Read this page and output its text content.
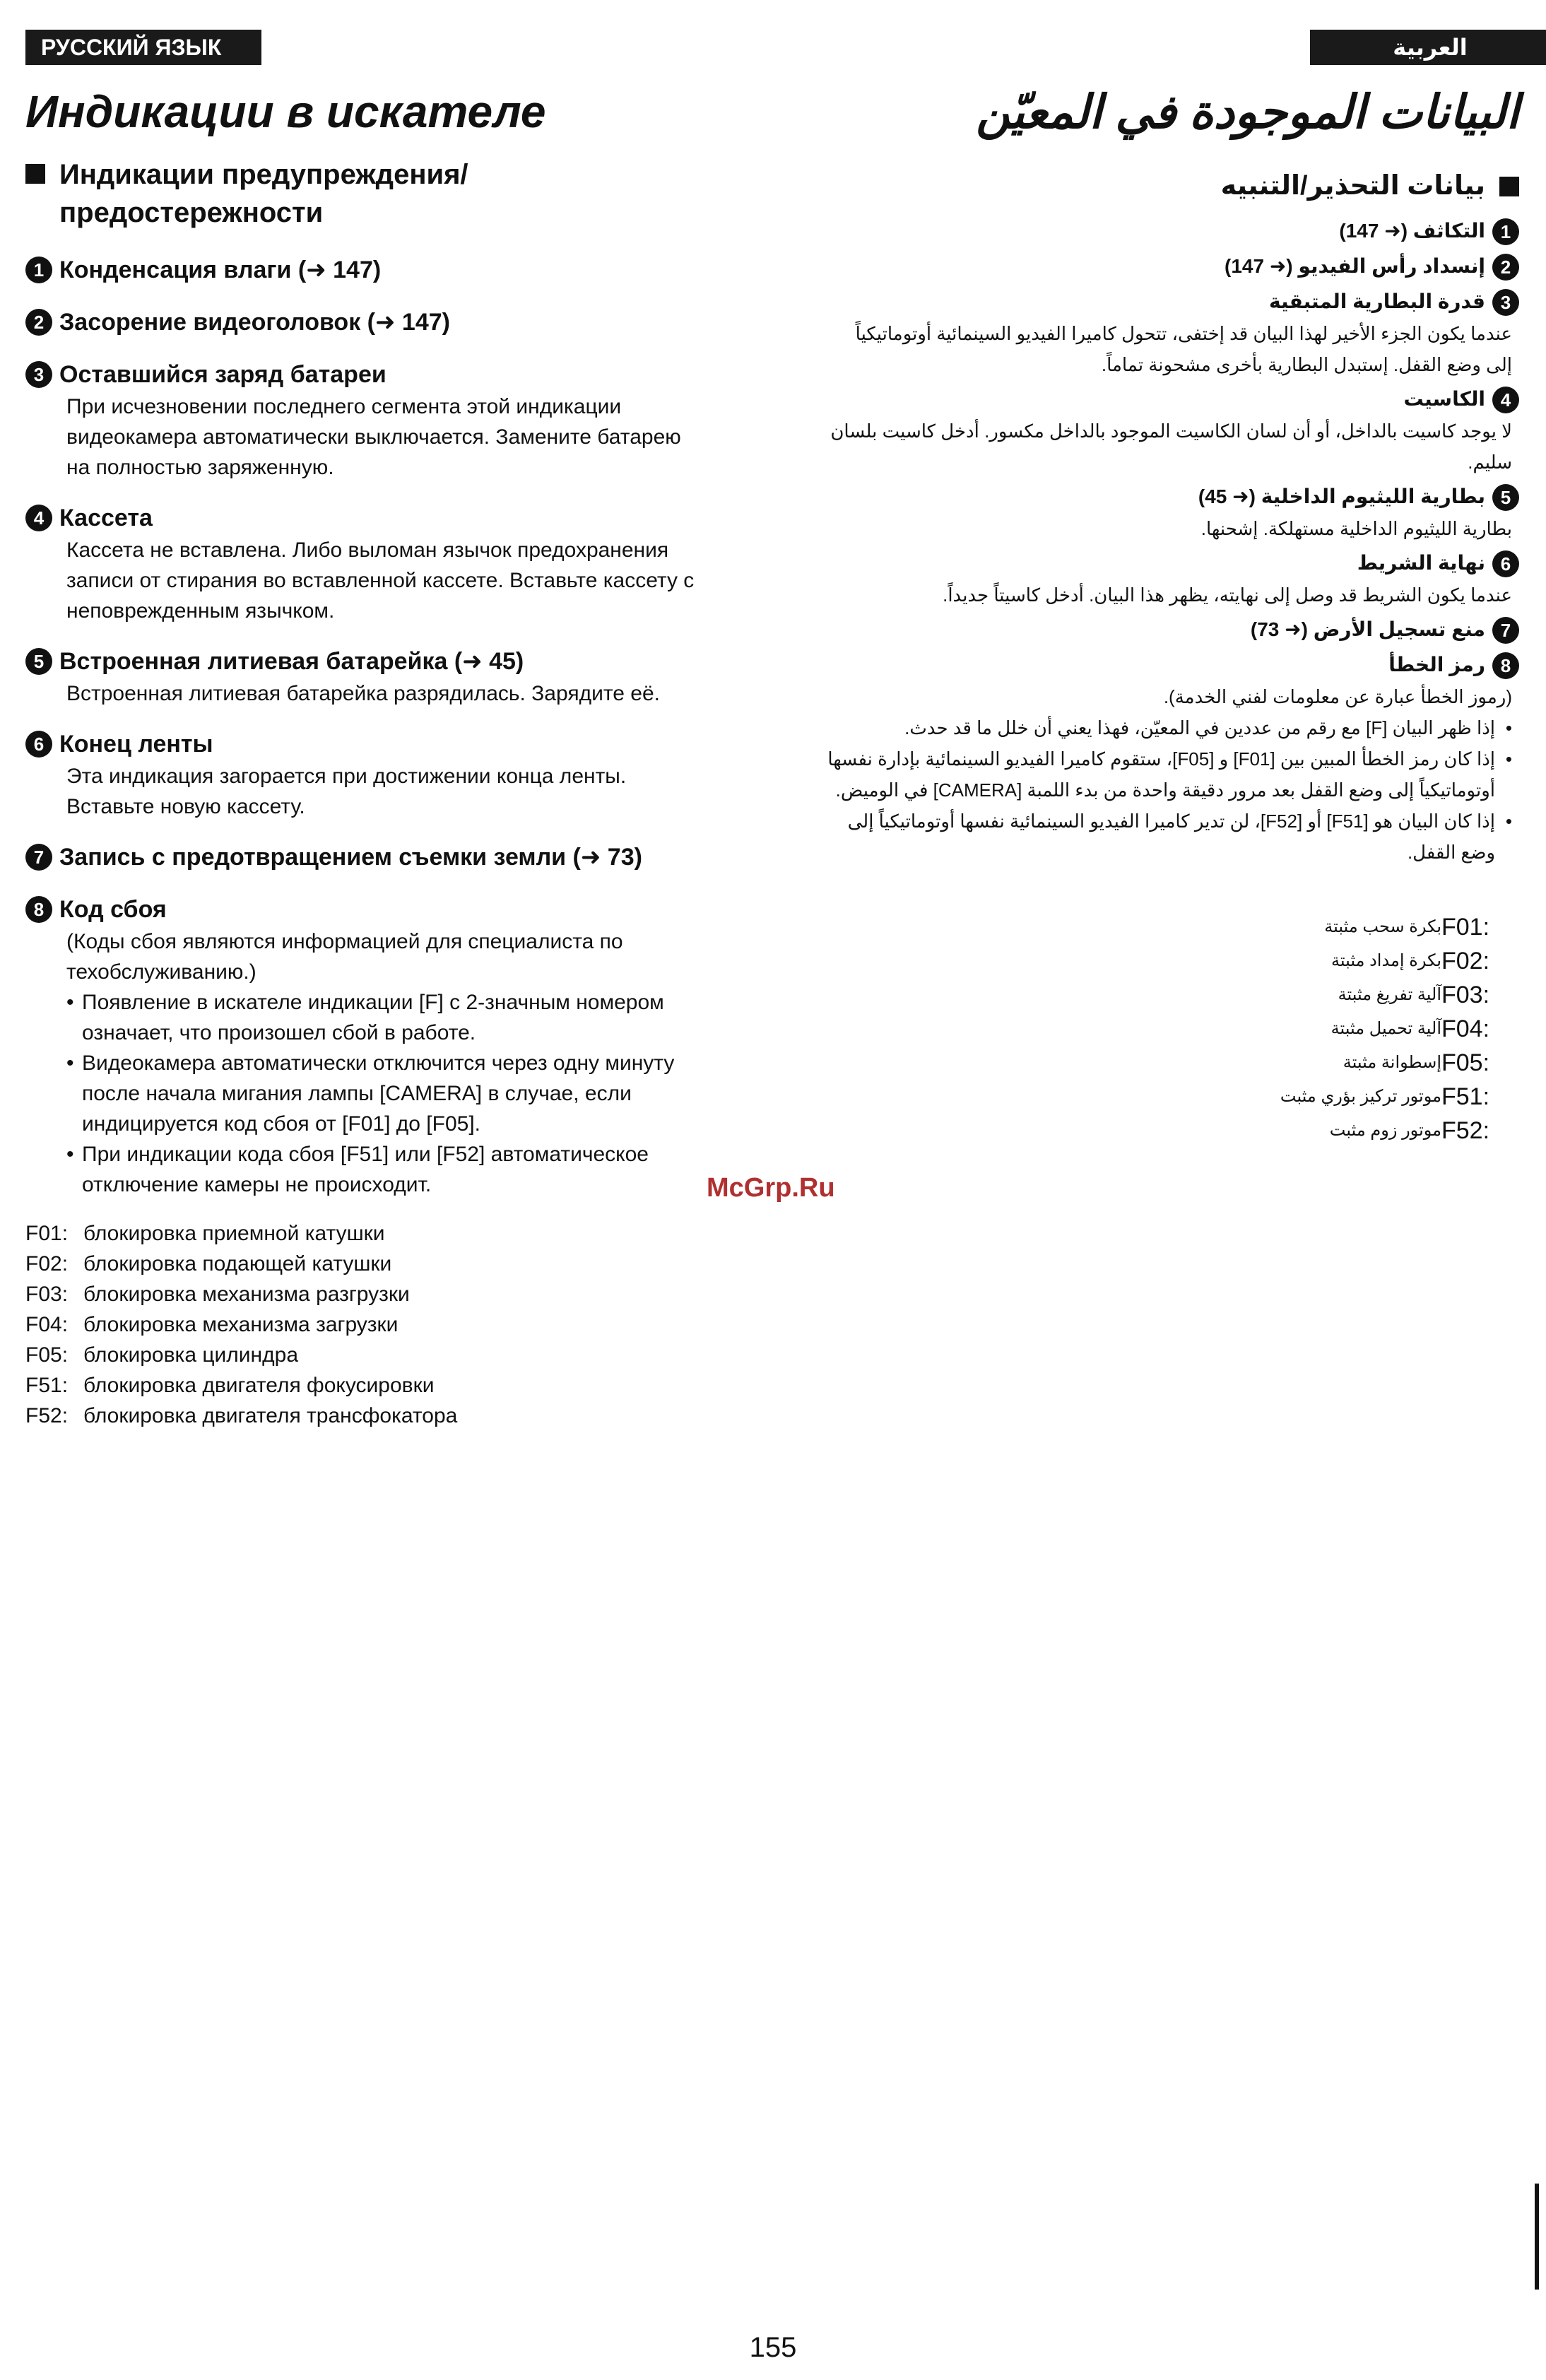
РУССКИЙ ЯЗЫК	العربية
Индикации в искателе
Индикации предупреждения/ предостережности
1 Конденсация влаги (➜ 147)
2 Засорение видеоголовок (➜ 147)
3 Оставшийся заряд батареи
При исчезновении последнего сегмента этой индикации видеокамера автоматически выключается. Замените батарею на полностью заряженную.
4 Кассета
Кассета не вставлена. Либо выломан язычок предохранения записи от стирания во вставленной кассете. Вставьте кассету с неповрежденным язычком.
5 Встроенная литиевая батарейка (➜ 45)
Встроенная литиевая батарейка разрядилась. Зарядите её.
6 Конец ленты
Эта индикация загорается при достижении конца ленты. Вставьте новую кассету.
7 Запись с предотвращением съемки земли (➜ 73)
8 Код сбоя
(Коды сбоя являются информацией для специалиста по техобслуживанию.)
• Появление в искателе индикации [F] с 2-значным номером означает, что произошел сбой в работе.
• Видеокамера автоматически отключится через одну минуту после начала мигания лампы [CAMERA] в случае, если индицируется код сбоя от [F01] до [F05].
• При индикации кода сбоя [F51] или [F52] автоматическое отключение камеры не происходит.
F01: блокировка приемной катушки
F02: блокировка подающей катушки
F03: блокировка механизма разгрузки
F04: блокировка механизма загрузки
F05: блокировка цилиндра
F51: блокировка двигателя фокусировки
F52: блокировка двигателя трансфокатора
البيانات الموجودة في المعيّن
بيانات التحذير/التنبيه
1
التكاثف (➜ 147)
2
إنسداد رأس الفيديو (➜ 147)
3
قدرة البطارية المتبقية
عندما يكون الجزء الأخير لهذا البيان قد إختفى، تتحول كاميرا الفيديو السينمائية أوتوماتيكياً إلى وضع القفل. إستبدل البطارية بأخرى مشحونة تماماً.
4
الكاسيت
لا يوجد كاسيت بالداخل، أو أن لسان الكاسيت الموجود بالداخل مكسور. أدخل كاسيت بلسان سليم.
5
بطارية الليثيوم الداخلية (➜ 45)
بطارية الليثيوم الداخلية مستهلكة. إشحنها.
6
نهاية الشريط
عندما يكون الشريط قد وصل إلى نهايته، يظهر هذا البيان. أدخل كاسيتاً جديداً.
7
منع تسجيل الأرض (➜ 73)
8
رمز الخطأ
(رموز الخطأ عبارة عن معلومات لفني الخدمة).
• إذا ظهر البيان [F] مع رقم من عددين في المعيّن، فهذا يعني أن خلل ما قد حدث.
• إذا كان رمز الخطأ المبين بين [F01] و [F05]، ستقوم كاميرا الفيديو السينمائية بإدارة نفسها أوتوماتيكياً إلى وضع القفل بعد مرور دقيقة واحدة من بدء اللمبة [CAMERA] في الوميض.
• إذا كان البيان هو [F51] أو [F52]، لن تدير كاميرا الفيديو السينمائية نفسها أوتوماتيكياً إلى وضع القفل.
F01:
بكرة سحب مثبتة
F02:
بكرة إمداد مثبتة
F03:
آلية تفريغ مثبتة
F04:
آلية تحميل مثبتة
F05:
إسطوانة مثبتة
F51:
موتور تركيز بؤري مثبت
F52:
موتور زوم مثبت
McGrp.Ru
155
